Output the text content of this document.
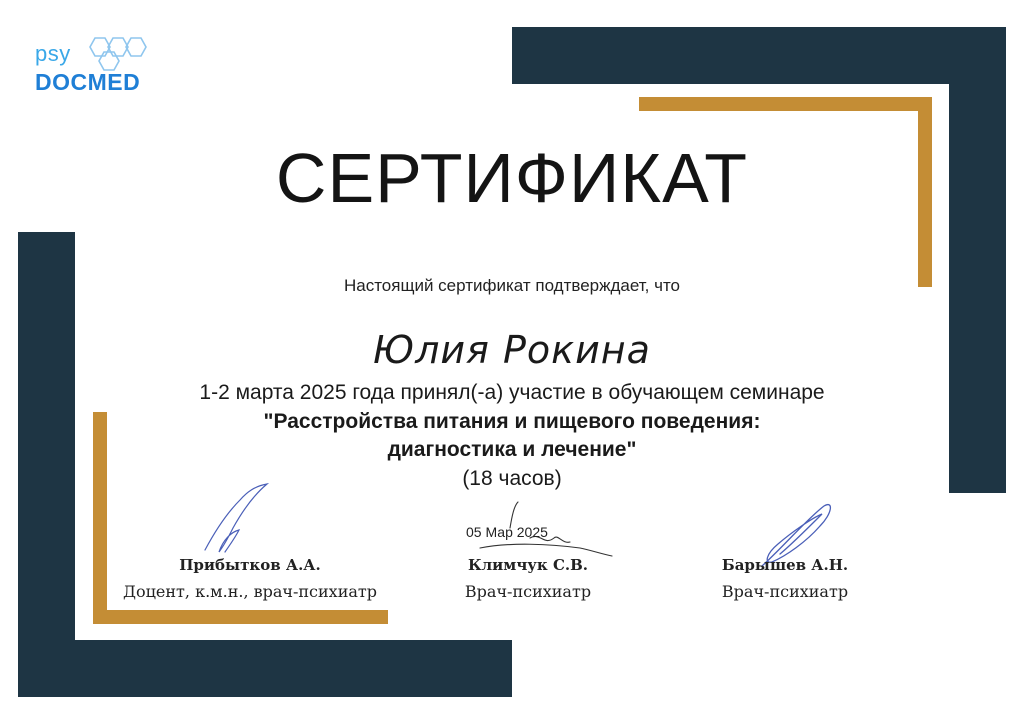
psy
DOCMED
СЕРТИФИКАТ
Настоящий сертификат подтверждает, что
Юлия Рокина
1-2 марта 2025 года принял(-а) участие в обучающем семинаре
"Расстройства питания и пищевого поведения:
диагностика и лечение"
(18 часов)
05 Мар 2025
Прибытков А.А.
Доцент, к.м.н., врач-психиатр
Климчук С.В.
Врач-психиатр
Барышев А.Н.
Врач-психиатр
